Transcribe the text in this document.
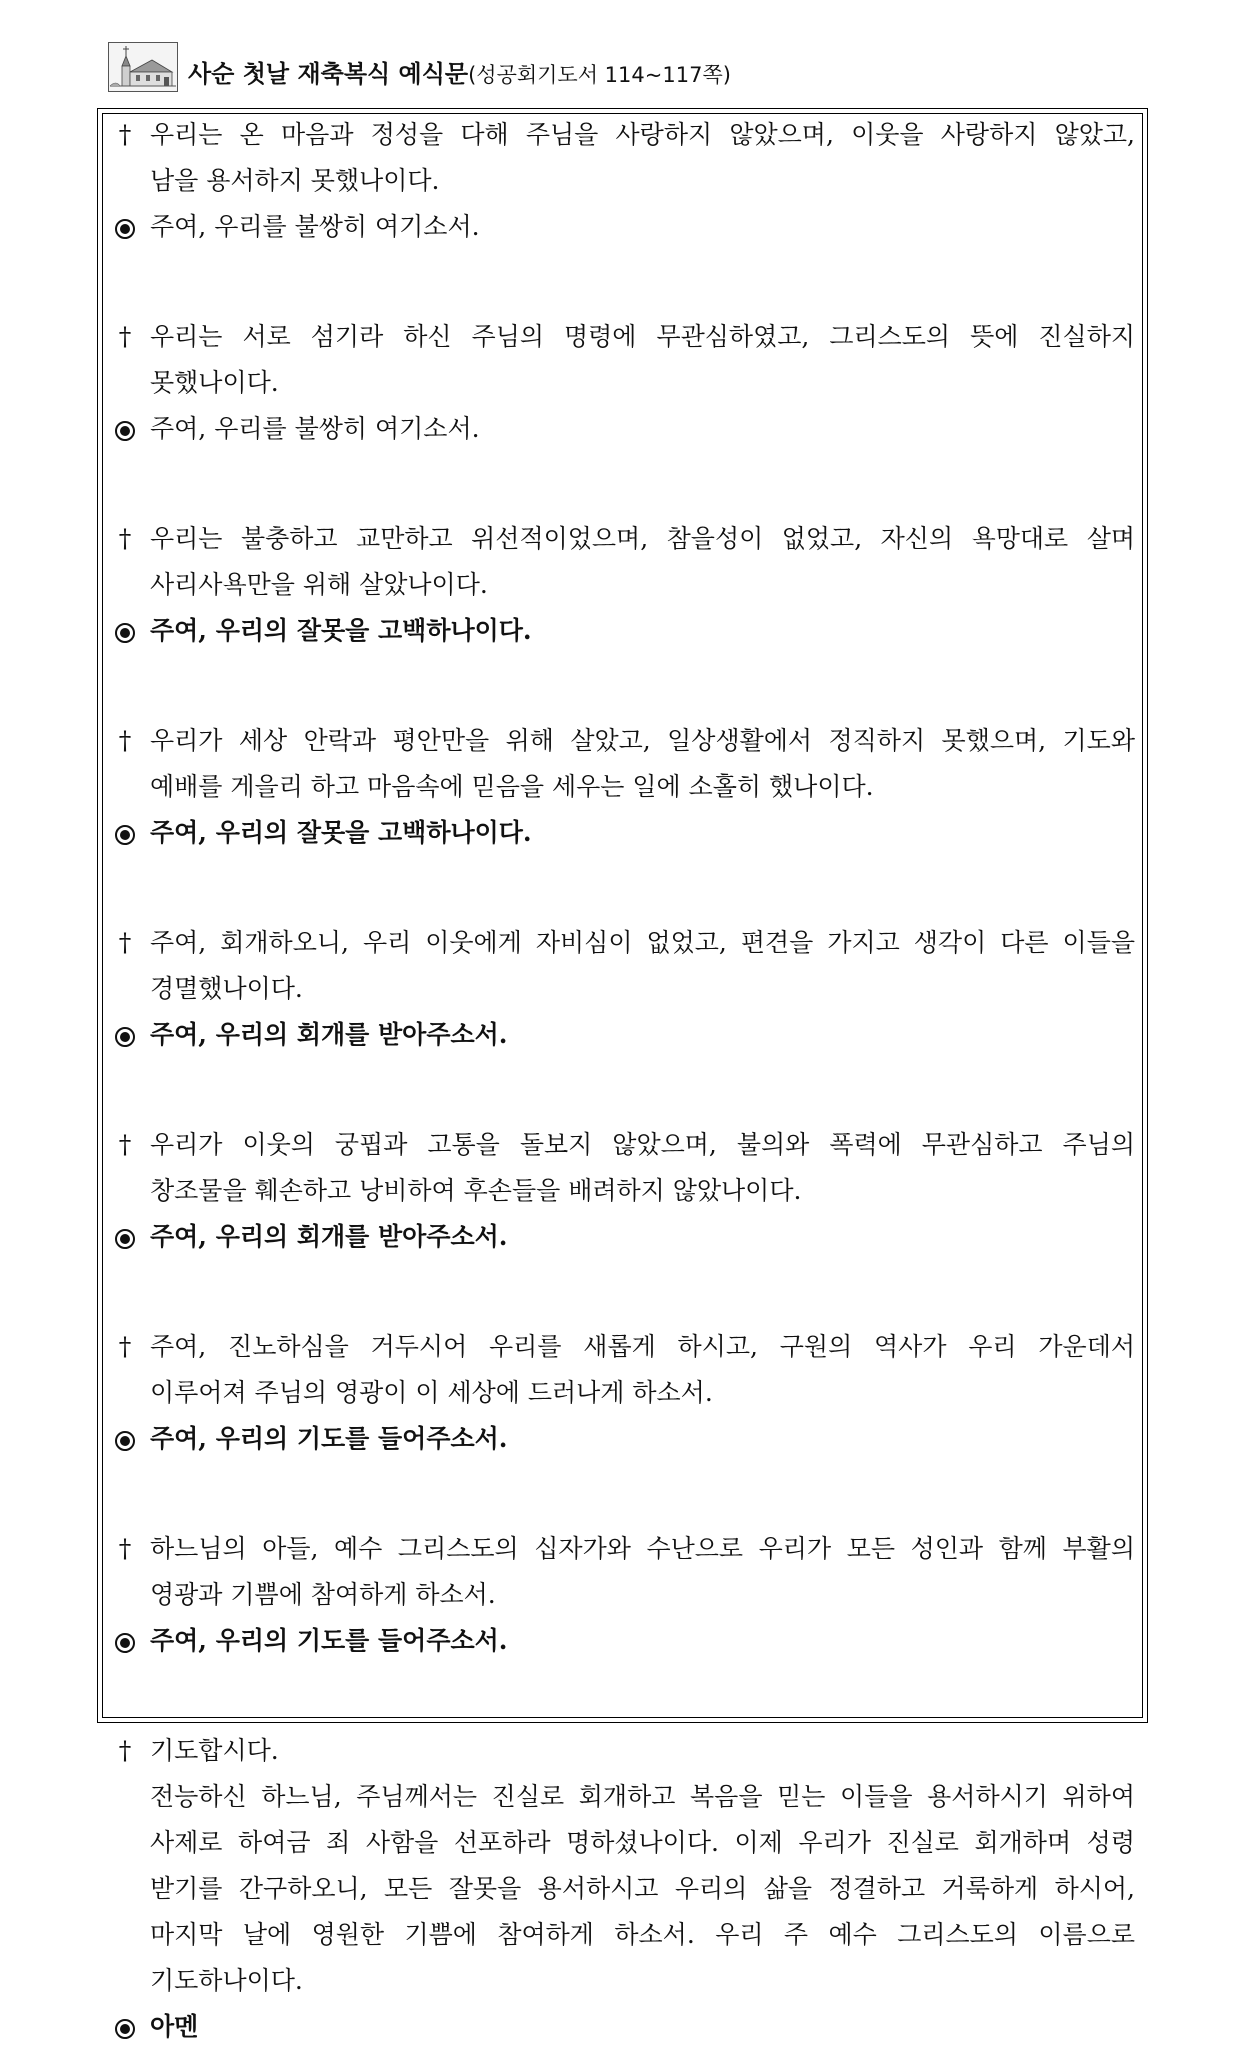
사순 첫날 재축복식 예식문(성공회기도서 114~117쪽)
† 우리는 온 마음과 정성을 다해 주님을 사랑하지 않았으며, 이웃을 사랑하지 않았고,
남을 용서하지 못했나이다.
주여, 우리를 불쌍히 여기소서.
† 우리는 서로 섬기라 하신 주님의 명령에 무관심하였고, 그리스도의 뜻에 진실하지
못했나이다.
주여, 우리를 불쌍히 여기소서.
† 우리는 불충하고 교만하고 위선적이었으며, 참을성이 없었고, 자신의 욕망대로 살며
사리사욕만을 위해 살았나이다.
주여, 우리의 잘못을 고백하나이다.
† 우리가 세상 안락과 평안만을 위해 살았고, 일상생활에서 정직하지 못했으며, 기도와
예배를 게을리 하고 마음속에 믿음을 세우는 일에 소홀히 했나이다.
주여, 우리의 잘못을 고백하나이다.
† 주여, 회개하오니, 우리 이웃에게 자비심이 없었고, 편견을 가지고 생각이 다른 이들을
경멸했나이다.
주여, 우리의 회개를 받아주소서.
† 우리가 이웃의 궁핍과 고통을 돌보지 않았으며, 불의와 폭력에 무관심하고 주님의
창조물을 훼손하고 낭비하여 후손들을 배려하지 않았나이다.
주여, 우리의 회개를 받아주소서.
† 주여, 진노하심을 거두시어 우리를 새롭게 하시고, 구원의 역사가 우리 가운데서
이루어져 주님의 영광이 이 세상에 드러나게 하소서.
주여, 우리의 기도를 들어주소서.
† 하느님의 아들, 예수 그리스도의 십자가와 수난으로 우리가 모든 성인과 함께 부활의
영광과 기쁨에 참여하게 하소서.
주여, 우리의 기도를 들어주소서.
† 기도합시다.
전능하신 하느님, 주님께서는 진실로 회개하고 복음을 믿는 이들을 용서하시기 위하여
사제로 하여금 죄 사함을 선포하라 명하셨나이다. 이제 우리가 진실로 회개하며 성령
받기를 간구하오니, 모든 잘못을 용서하시고 우리의 삶을 정결하고 거룩하게 하시어,
마지막 날에 영원한 기쁨에 참여하게 하소서. 우리 주 예수 그리스도의 이름으로
기도하나이다.
아멘
